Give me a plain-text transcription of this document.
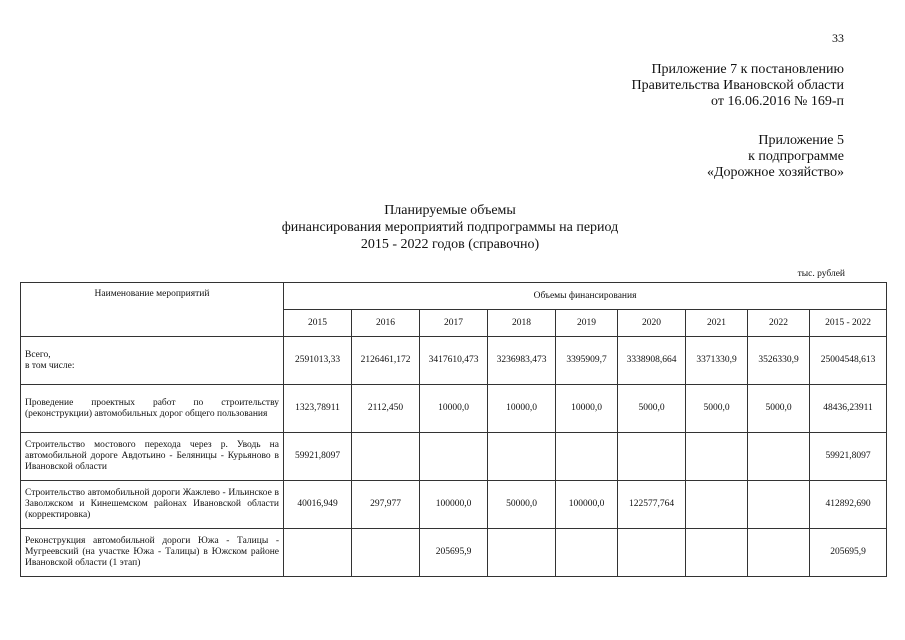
33
Приложение 7 к постановлению
Правительства Ивановской области
от 16.06.2016 № 169-п
Приложение 5
к подпрограмме
«Дорожное хозяйство»
Планируемые объемы
финансирования мероприятий подпрограммы на период
2015 - 2022 годов (справочно)
тыс. рублей
Наименование мероприятий	Объемы финансирования								
	2015	2016	2017	2018	2019	2020	2021	2022	2015 - 2022
Всего,
в том числе:	2591013,33	2126461,172	3417610,473	3236983,473	3395909,7	3338908,664	3371330,9	3526330,9	25004548,613
Проведение проектных работ по строительству (реконструкции) автомобильных дорог общего пользования	1323,78911	2112,450	10000,0	10000,0	10000,0	5000,0	5000,0	5000,0	48436,23911
Строительство мостового перехода через р. Уводь на автомобильной дороге Авдотьино - Беляницы - Курьяново в Ивановской области	59921,8097								59921,8097
Строительство автомобильной дороги Жажлево - Ильинское в Заволжском и Кинешемском районах Ивановской области (корректировка)	40016,949	297,977	100000,0	50000,0	100000,0	122577,764			412892,690
Реконструкция автомобильной дороги Южа - Талицы - Мугреевский (на участке Южа - Талицы) в Южском районе Ивановской области (1 этап)			205695,9						205695,9
